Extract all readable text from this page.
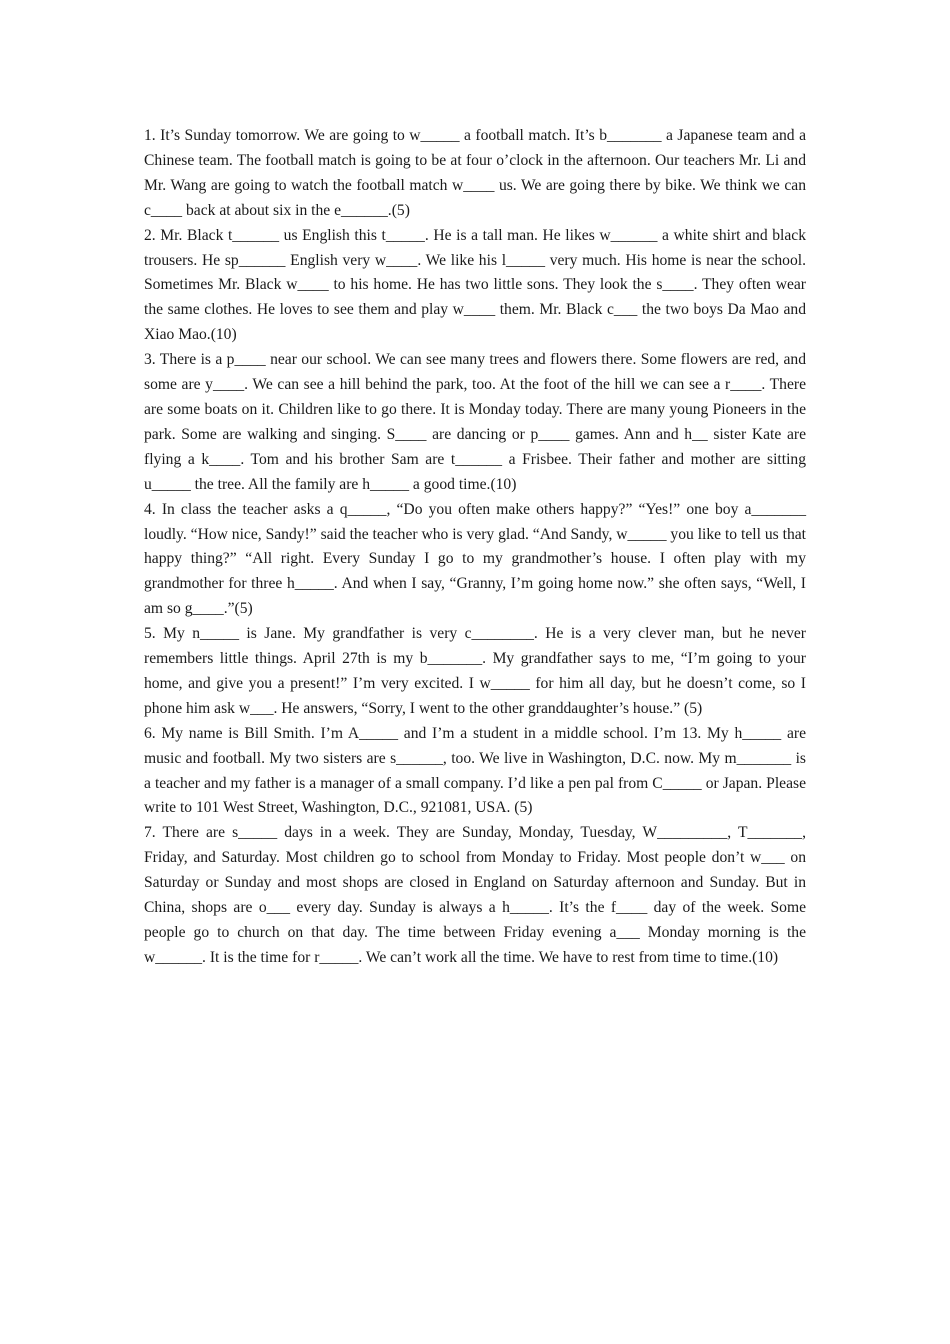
1. It’s Sunday tomorrow. We are going to w_____ a football match. It’s b_______ a Japanese team and a Chinese team. The football match is going to be at four o’clock in the afternoon. Our teachers Mr. Li and Mr. Wang are going to watch the football match w____ us. We are going there by bike. We think we can c____ back at about six in the e______.(5)

2. Mr. Black t______ us English this t_____. He is a tall man. He likes w______ a white shirt and black trousers. He sp______ English very w____. We like his l_____ very much. His home is near the school. Sometimes Mr. Black w____ to his home. He has two little sons. They look the s____. They often wear the same clothes. He loves to see them and play w____ them. Mr. Black c___ the two boys Da Mao and Xiao Mao.(10)

3. There is a p____ near our school. We can see many trees and flowers there. Some flowers are red, and some are y____. We can see a hill behind the park, too. At the foot of the hill we can see a r____. There are some boats on it. Children like to go there. It is Monday today. There are many young Pioneers in the park. Some are walking and singing. S____ are dancing or p____ games. Ann and h__ sister Kate are flying a k____. Tom and his brother Sam are t______ a Frisbee. Their father and mother are sitting u_____ the tree. All the family are h_____ a good time.(10)

4. In class the teacher asks a q_____, “Do you often make others happy?” “Yes!” one boy a_______ loudly. “How nice, Sandy!” said the teacher who is very glad. “And Sandy, w_____ you like to tell us that happy thing?” “All right. Every Sunday I go to my grandmother’s house. I often play with my grandmother for three h_____. And when I say, “Granny, I’m going home now.” she often says, “Well, I am so g____.”(5)

5. My n_____ is Jane. My grandfather is very c________. He is a very clever man, but he never remembers little things. April 27th is my b_______. My grandfather says to me, “I’m going to your home, and give you a present!” I’m very excited. I w_____ for him all day, but he doesn’t come, so I phone him ask w___. He answers, “Sorry, I went to the other granddaughter’s house.” (5)

6. My name is Bill Smith. I’m A_____ and I’m a student in a middle school. I’m 13. My h_____ are music and football. My two sisters are s______, too. We live in Washington, D.C. now. My m_______ is a teacher and my father is a manager of a small company. I’d like a pen pal from C_____ or Japan. Please write to 101 West Street, Washington, D.C., 921081, USA. (5)

7. There are s_____ days in a week. They are Sunday, Monday, Tuesday, W_________, T_______, Friday, and Saturday. Most children go to school from Monday to Friday. Most people don’t w___ on Saturday or Sunday and most shops are closed in England on Saturday afternoon and Sunday. But in China, shops are o___ every day. Sunday is always a h_____. It’s the f____ day of the week. Some people go to church on that day. The time between Friday evening a___ Monday morning is the w______. It is the time for r_____. We can’t work all the time. We have to rest from time to time.(10)
